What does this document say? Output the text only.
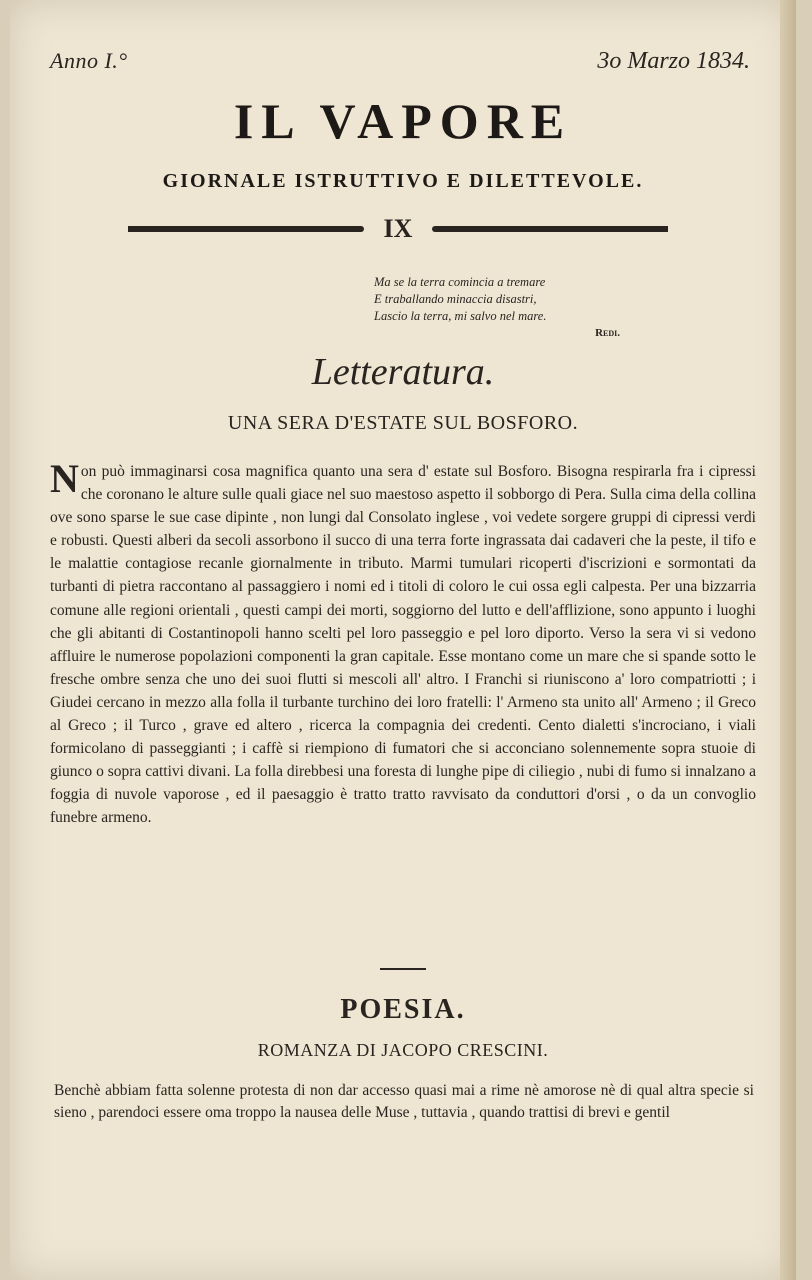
Anno I.°	3o Marzo 1834.
IL VAPORE
GIORNALE ISTRUTTIVO E DILETTEVOLE.
IX
Ma se la terra comincia a tremare
E traballando minaccia disastri,
Lascio la terra, mi salvo nel mare.
Redi.
Letteratura.
UNA SERA D'ESTATE SUL BOSFORO.
Non può immaginarsi cosa magnifica quanto una sera d' estate sul Bosforo. Bisogna respirarla fra i cipressi che coronano le alture sulle quali giace nel suo maestoso aspetto il sobborgo di Pera. Sulla cima della collina ove sono sparse le sue case dipinte , non lungi dal Consolato inglese , voi vedete sorgere gruppi di cipressi verdi e robusti. Questi alberi da secoli assorbono il succo di una terra forte ingrassata dai cadaveri che la peste, il tifo e le malattie contagiose recanle giornalmente in tributo. Marmi tumulari ricoperti d'iscrizioni e sormontati da turbanti di pietra raccontano al passaggiero i nomi ed i titoli di coloro le cui ossa egli calpesta. Per una bizzarria comune alle regioni orientali , questi campi dei morti, soggiorno del lutto e dell'afflizione, sono appunto i luoghi che gli abitanti di Costantinopoli hanno scelti pel loro passeggio e pel loro diporto. Verso la sera vi si vedono affluire le numerose popolazioni componenti la gran capitale. Esse montano come un mare che si spande sotto le fresche ombre senza che uno dei suoi flutti si mescoli all' altro. I Franchi si riuniscono a' loro compatriotti ; i Giudei cercano in mezzo alla folla il turbante turchino dei loro fratelli: l' Armeno sta unito all' Armeno ; il Greco al Greco ; il Turco , grave ed altero , ricerca la compagnia dei credenti. Cento dialetti s'incrociano, i viali formicolano di passeggianti ; i caffè si riempiono di fumatori che si acconciano solennemente sopra stuoie di giunco o sopra cattivi divani. La folla direbbesi una foresta di lunghe pipe di ciliegio , nubi di fumo si innalzano a foggia di nuvole vaporose , ed il paesaggio è tratto tratto ravvisato da conduttori d'orsi , o da un convoglio funebre armeno.
POESIA.
ROMANZA DI JACOPO CRESCINI.
Benchè abbiam fatta solenne protesta di non dar accesso quasi mai a rime nè amorose nè di qual altra specie si sieno , parendoci essere oma troppo la nausea delle Muse , tuttavia , quando trattisi di brevi e gentil
